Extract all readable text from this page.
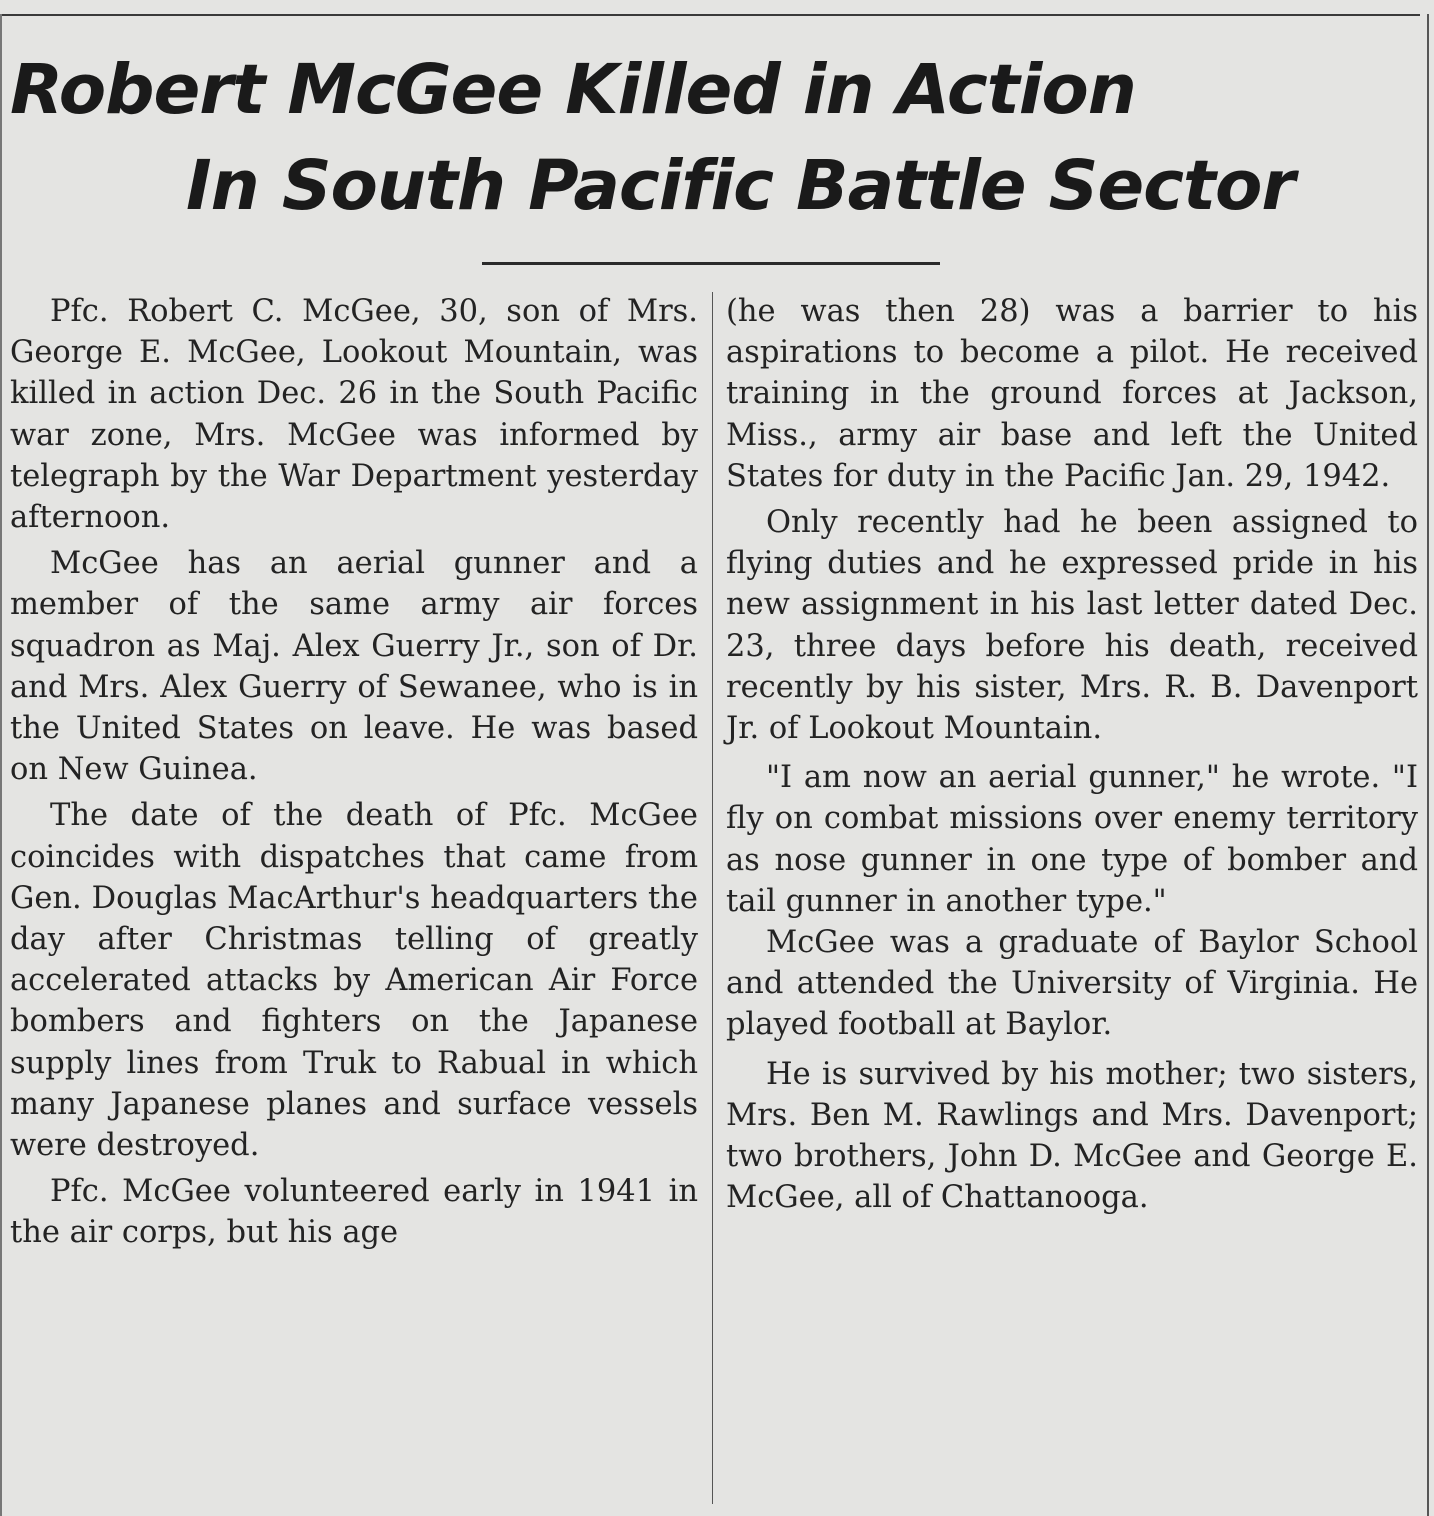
Robert McGee Killed in Action
In South Pacific Battle Sector

Pfc. Robert C. McGee, 30, son of Mrs. George E. McGee, Lookout Mountain, was killed in action Dec. 26 in the South Pacific war zone, Mrs. McGee was informed by telegraph by the War Department yesterday afternoon.

McGee has an aerial gunner and a member of the same army air forces squadron as Maj. Alex Guerry Jr., son of Dr. and Mrs. Alex Guerry of Sewanee, who is in the United States on leave. He was based on New Guinea.

The date of the death of Pfc. McGee coincides with dispatches that came from Gen. Douglas MacArthur's headquarters the day after Christmas telling of greatly accelerated attacks by American Air Force bombers and fighters on the Japanese supply lines from Truk to Rabual in which many Japanese planes and surface vessels were destroyed.

Pfc. McGee volunteered early in 1941 in the air corps, but his age

(he was then 28) was a barrier to his aspirations to become a pilot. He received training in the ground forces at Jackson, Miss., army air base and left the United States for duty in the Pacific Jan. 29, 1942.

Only recently had he been assigned to flying duties and he expressed pride in his new assignment in his last letter dated Dec. 23, three days before his death, received recently by his sister, Mrs. R. B. Davenport Jr. of Lookout Mountain.

"I am now an aerial gunner," he wrote. "I fly on combat missions over enemy territory as nose gunner in one type of bomber and tail gunner in another type."

McGee was a graduate of Baylor School and attended the University of Virginia. He played football at Baylor.

He is survived by his mother; two sisters, Mrs. Ben M. Rawlings and Mrs. Davenport; two brothers, John D. McGee and George E. McGee, all of Chattanooga.
